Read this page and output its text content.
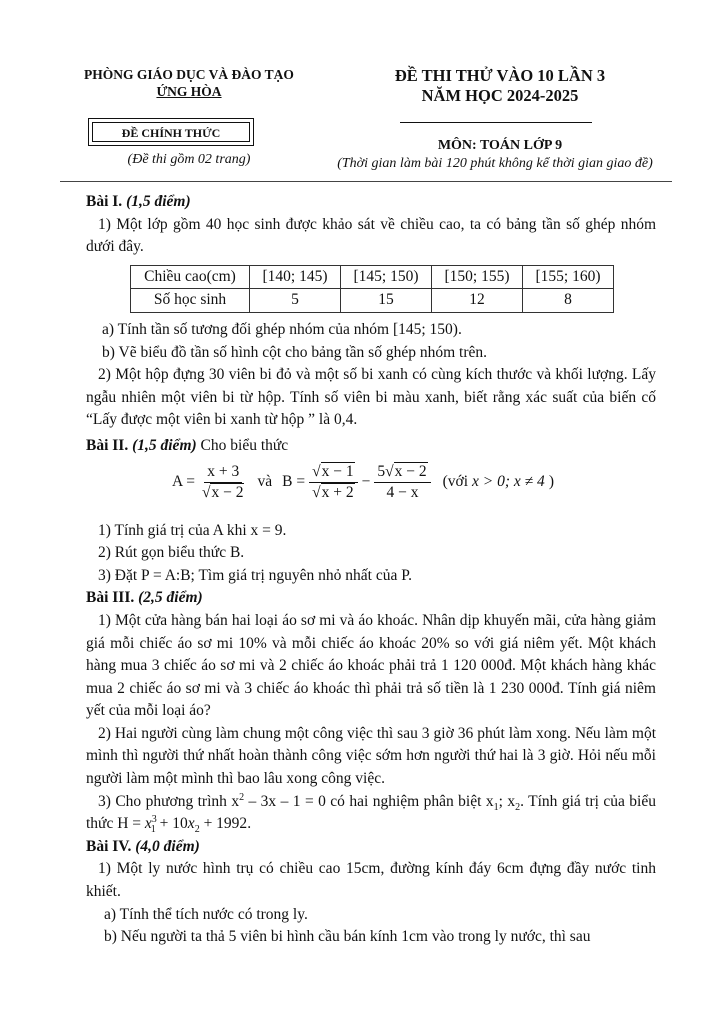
PHÒNG GIÁO DỤC VÀ ĐÀO TẠO
ỨNG HÒA
ĐỀ CHÍNH THỨC
(Đề thi gồm 02 trang)
ĐỀ THI THỬ VÀO 10 LẦN 3
NĂM HỌC 2024-2025
MÔN: TOÁN LỚP 9
(Thời gian làm bài 120 phút không kể thời gian giao đề)

Bài I. (1,5 điểm)

1) Một lớp gồm 40 học sinh được khảo sát về chiều cao, ta có bảng tần số ghép nhóm dưới đây.

Chiều cao(cm)	[140; 145)	[145; 150)	[150; 155)	[155; 160)
Số học sinh	5	15	12	8

a) Tính tần số tương đối ghép nhóm của nhóm [145; 150).

b) Vẽ biểu đồ tần số hình cột cho bảng tần số ghép nhóm trên.

2) Một hộp đựng 30 viên bi đỏ và một số bi xanh có cùng kích thước và khối lượng. Lấy ngẫu nhiên một viên bi từ hộp. Tính số viên bi màu xanh, biết rằng xác suất của biến cố “Lấy được một viên bi xanh từ hộp ” là 0,4.

Bài II. (1,5 điểm) Cho biểu thức

$A = \frac{x + 3}{√x - 2}$ và $B = \frac{√x - 1}{√x + 2} - \frac{5√x - 2}{4 - x}$ (với x > 0; x ≠ 4 )

1) Tính giá trị của A khi x = 9.

2) Rút gọn biểu thức B.

3) Đặt P = A:B; Tìm giá trị nguyên nhỏ nhất của P.

Bài III. (2,5 điểm)

1) Một cửa hàng bán hai loại áo sơ mi và áo khoác. Nhân dịp khuyến mãi, cửa hàng giảm giá mỗi chiếc áo sơ mi 10% và mỗi chiếc áo khoác 20% so với giá niêm yết. Một khách hàng mua 3 chiếc áo sơ mi và 2 chiếc áo khoác phải trả 1 120 000đ. Một khách hàng khác mua 2 chiếc áo sơ mi và 3 chiếc áo khoác thì phải trả số tiền là 1 230 000đ. Tính giá niêm yết của mỗi loại áo?

2) Hai người cùng làm chung một công việc thì sau 3 giờ 36 phút làm xong. Nếu làm một mình thì người thứ nhất hoàn thành công việc sớm hơn người thứ hai là 3 giờ. Hỏi nếu mỗi người làm một mình thì bao lâu xong công việc.

3) Cho phương trình $x^2 - 3x - 1 = 0$ có hai nghiệm phân biệt $x_1$; $x_2$. Tính giá trị của biểu thức $H = x^3_1 + 10x_2 + 1992$.

Bài IV. (4,0 điểm)

1) Một ly nước hình trụ có chiều cao 15cm, đường kính đáy 6cm đựng đầy nước tinh khiết.

a) Tính thể tích nước có trong ly.

b) Nếu người ta thả 5 viên bi hình cầu bán kính 1cm vào trong ly nước, thì sau
